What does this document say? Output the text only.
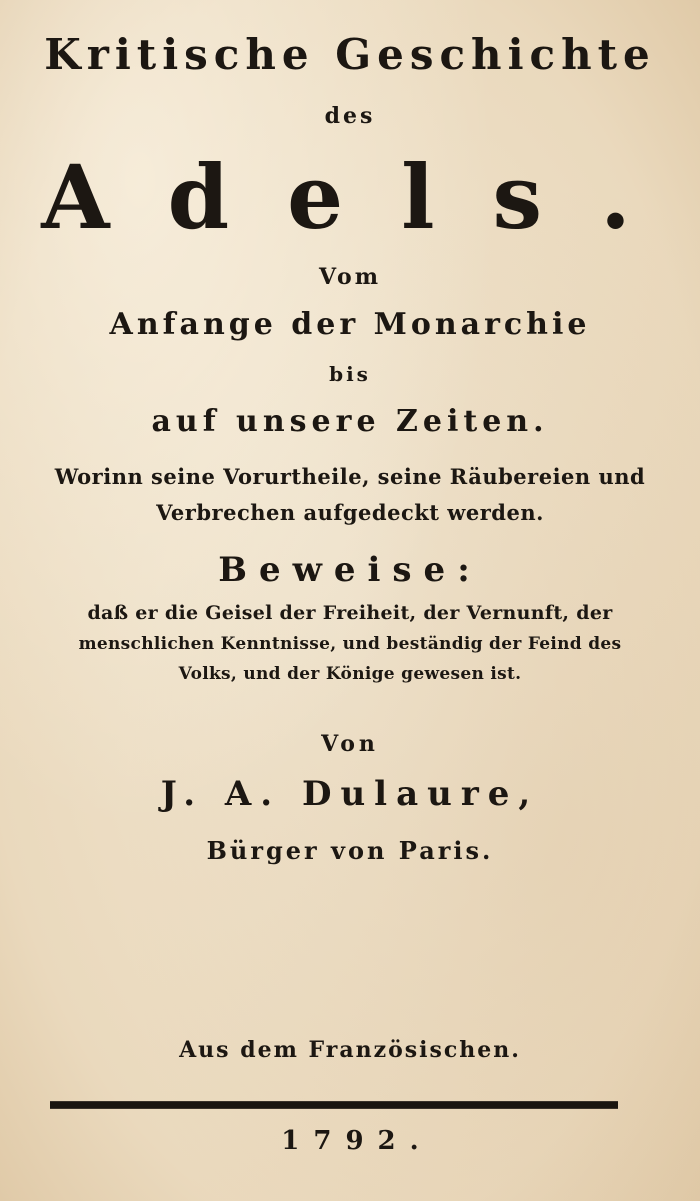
Kritische Geschichte
des
Adels.
Vom
Anfange der Monarchie
bis
auf unsere Zeiten.
Worinn seine Vorurtheile, seine Räubereien und
Verbrechen aufgedeckt werden.
Beweise:
daß er die Geisel der Freiheit, der Vernunft, der
menschlichen Kenntnisse, und beständig der Feind des
Volks, und der Könige gewesen ist.
Von
J. A. Dulaure,
Bürger von Paris.
Aus dem Französischen.
1792.
